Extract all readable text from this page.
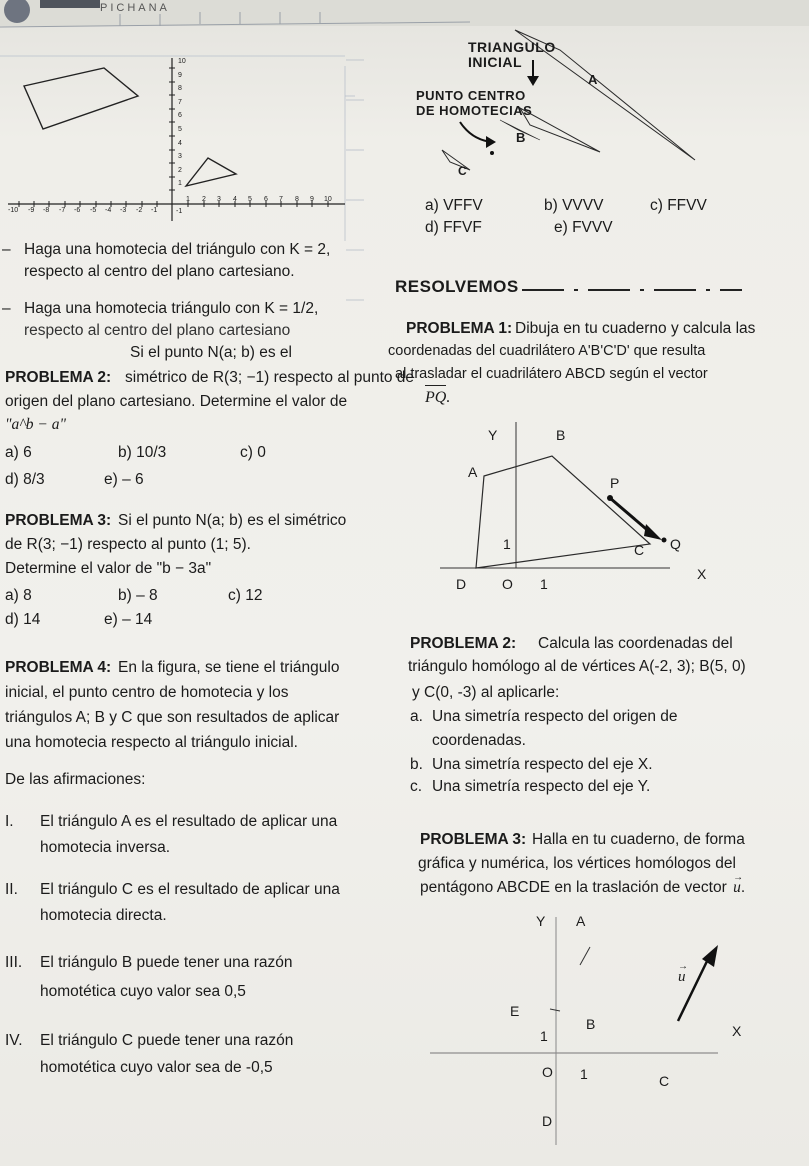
PICHANA
10
9
8
7
6
5
4
3
2
1
-1
-10 -9 -8 -7 -6 -5 -4 -3 -2 -1
1 2 3 4 5 6 7 8 9 10
– Haga una homotecia del triángulo con K = 2,
respecto al centro del plano cartesiano.
– Haga una homotecia triángulo con K = 1/2,
respecto al centro del plano cartesiano
PROBLEMA 2:
Si el punto N(a; b) es el
simétrico de R(3; −1) respecto al punto de
origen del plano cartesiano. Determine el valor de
"a^b − a"
a) 6	b) 10/3	c) 0
d) 8/3	e) – 6
PROBLEMA 3: Si el punto N(a; b) es el simétrico
de R(3; −1) respecto al punto (1; 5).
Determine el valor de "b − 3a"
a) 8	b) – 8	c) 12
d) 14	e) – 14
PROBLEMA 4: En la figura, se tiene el triángulo
inicial, el punto centro de homotecia y los
triángulos A; B y C que son resultados de aplicar
una homotecia respecto al triángulo inicial.
De las afirmaciones:
I. El triángulo A es el resultado de aplicar una
homotecia inversa.
II. El triángulo C es el resultado de aplicar una
homotecia directa.
III. El triángulo B puede tener una razón
homotética cuyo valor sea 0,5
IV. El triángulo C puede tener una razón
homotética cuyo valor sea de -0,5
TRIANGULO
INICIAL
PUNTO CENTRO
DE HOMOTECIAS
A
B
C
a) VFFV	b) VVVV	c) FFVV
d) FFVF	e) FVVV
RESOLVEMOS
PROBLEMA 1: Dibuja en tu cuaderno y calcula las
coordenadas del cuadrilátero A'B'C'D' que resulta
al trasladar el cuadrilátero ABCD según el vector
PQ.
Y	B
A
P
1	C Q
D	O 1
X
PROBLEMA 2: Calcula las coordenadas del
triángulo homólogo al de vértices A(-2, 3); B(5, 0)
y C(0, -3) al aplicarle:
a. Una simetría respecto del origen de
coordenadas.
b. Una simetría respecto del eje X.
c. Una simetría respecto del eje Y.
PROBLEMA 3: Halla en tu cuaderno, de forma
gráfica y numérica, los vértices homólogos del
pentágono ABCDE en la traslación de vector
→
u.
Y A
→
u
E
1
B	X
O 1	C
D
